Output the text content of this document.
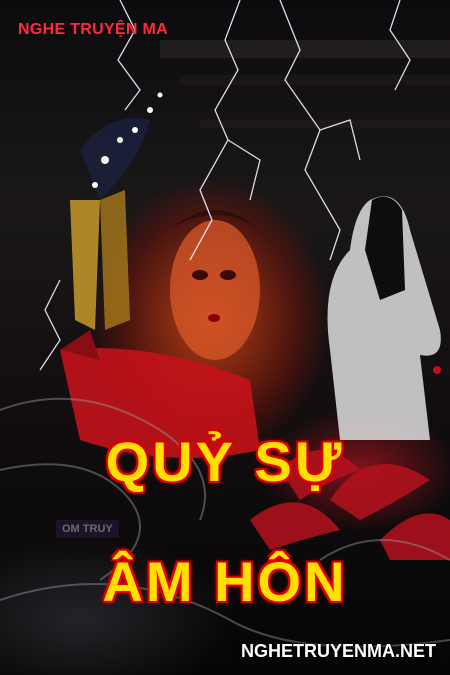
NGHE TRUYỆN MA
OM TRUY
QUỶ SỰ
ÂM HÔN
NGHETRUYENMA.NET
